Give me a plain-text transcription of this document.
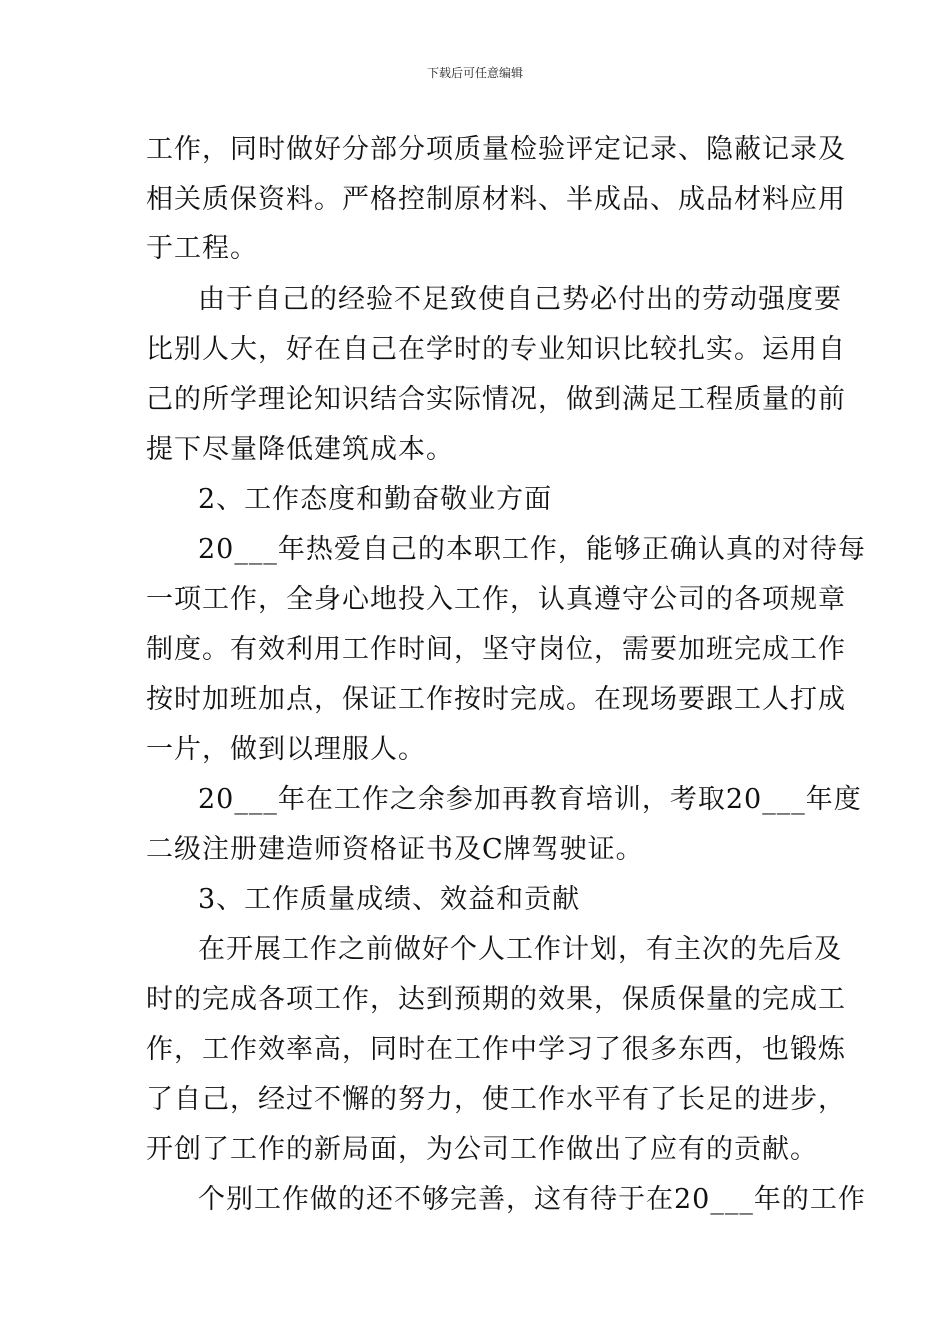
下载后可任意编辑
工作，同时做好分部分项质量检验评定记录、隐蔽记录及
相关质保资料。严格控制原材料、半成品、成品材料应用
于工程。
由于自己的经验不足致使自己势必付出的劳动强度要
比别人大，好在自己在学时的专业知识比较扎实。运用自
己的所学理论知识结合实际情况，做到满足工程质量的前
提下尽量降低建筑成本。
2、工作态度和勤奋敬业方面
20___年热爱自己的本职工作，能够正确认真的对待每
一项工作，全身心地投入工作，认真遵守公司的各项规章
制度。有效利用工作时间，坚守岗位，需要加班完成工作
按时加班加点，保证工作按时完成。在现场要跟工人打成
一片，做到以理服人。
20___年在工作之余参加再教育培训，考取20___年度
二级注册建造师资格证书及C牌驾驶证。
3、工作质量成绩、效益和贡献
在开展工作之前做好个人工作计划，有主次的先后及
时的完成各项工作，达到预期的效果，保质保量的完成工
作，工作效率高，同时在工作中学习了很多东西，也锻炼
了自己，经过不懈的努力，使工作水平有了长足的进步，
开创了工作的新局面，为公司工作做出了应有的贡献。
个别工作做的还不够完善，这有待于在20___年的工作
